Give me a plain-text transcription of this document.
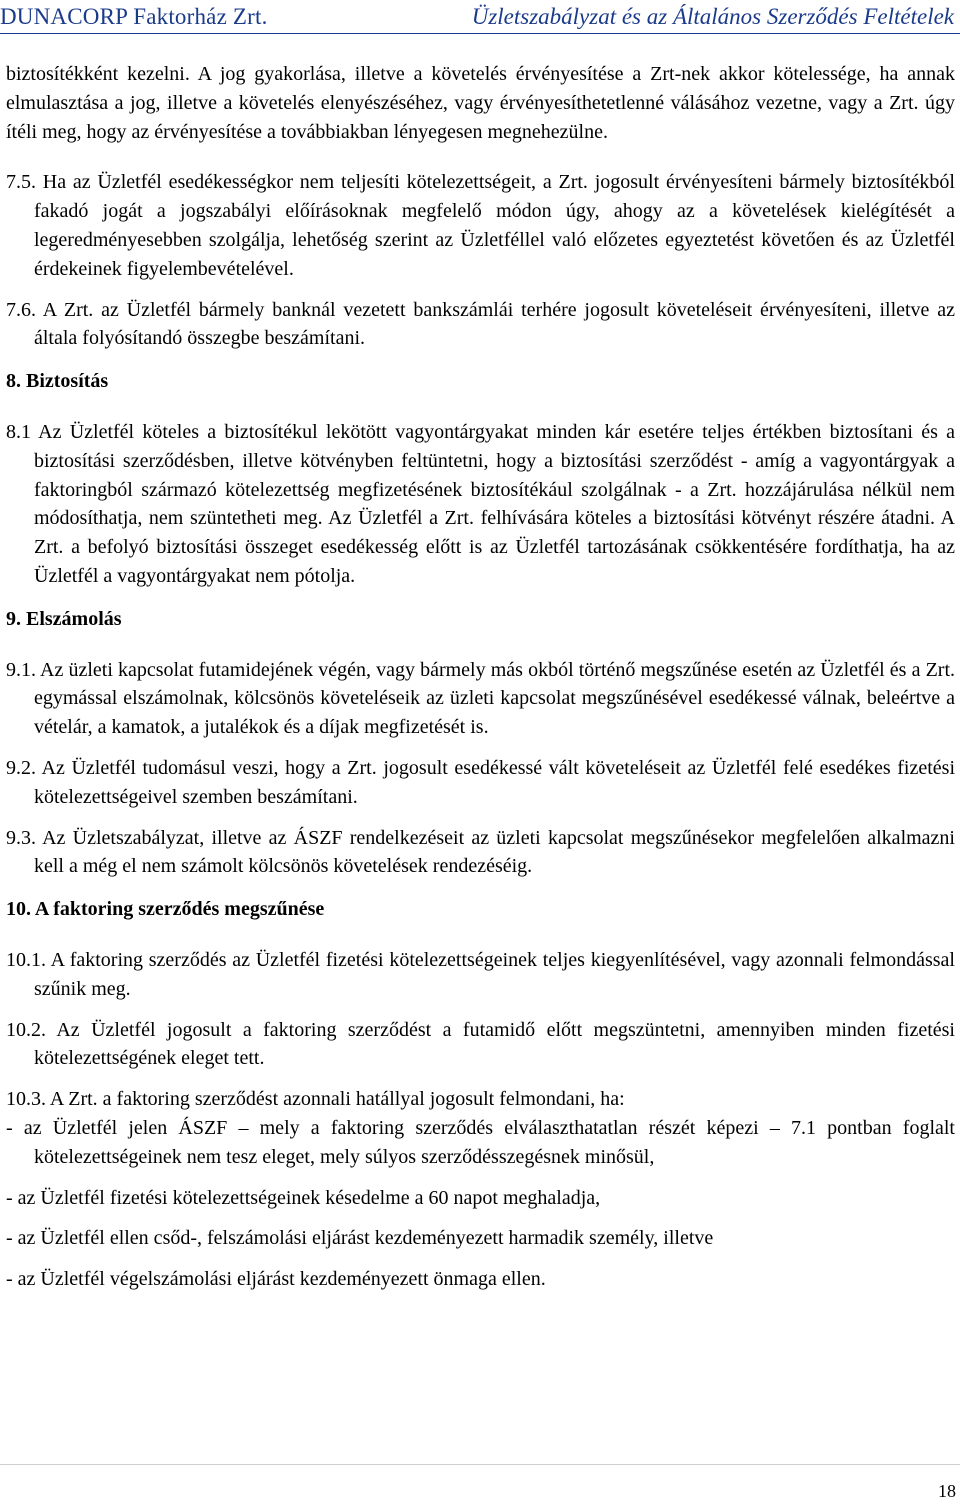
DUNACORP Faktorház Zrt.	Üzletszabályzat és az Általános Szerződés Feltételek

biztosítékként kezelni. A jog gyakorlása, illetve a követelés érvényesítése a Zrt-nek akkor kötelessége, ha annak elmulasztása a jog, illetve a követelés elenyészéséhez, vagy érvényesíthetetlenné válásához vezetne, vagy a Zrt. úgy ítéli meg, hogy az érvényesítése a továbbiakban lényegesen megnehezülne.

7.5. Ha az Üzletfél esedékességkor nem teljesíti kötelezettségeit, a Zrt. jogosult érvényesíteni bármely biztosítékból fakadó jogát a jogszabályi előírásoknak megfelelő módon úgy, ahogy az a követelések kielégítését a legeredményesebben szolgálja, lehetőség szerint az Üzletféllel való előzetes egyeztetést követően és az Üzletfél érdekeinek figyelembevételével.

7.6. A Zrt. az Üzletfél bármely banknál vezetett bankszámlái terhére jogosult követeléseit érvényesíteni, illetve az általa folyósítandó összegbe beszámítani.

8. Biztosítás

8.1 Az Üzletfél köteles a biztosítékul lekötött vagyontárgyakat minden kár esetére teljes értékben biztosítani és a biztosítási szerződésben, illetve kötvényben feltüntetni, hogy a biztosítási szerződést - amíg a vagyontárgyak a faktoringból származó kötelezettség megfizetésének biztosítékául szolgálnak - a Zrt. hozzájárulása nélkül nem módosíthatja, nem szüntetheti meg. Az Üzletfél a Zrt. felhívására köteles a biztosítási kötvényt részére átadni. A Zrt. a befolyó biztosítási összeget esedékesség előtt is az Üzletfél tartozásának csökkentésére fordíthatja, ha az Üzletfél a vagyontárgyakat nem pótolja.

9. Elszámolás

9.1. Az üzleti kapcsolat futamidejének végén, vagy bármely más okból történő megszűnése esetén az Üzletfél és a Zrt. egymással elszámolnak, kölcsönös követeléseik az üzleti kapcsolat megszűnésével esedékessé válnak, beleértve a vételár, a kamatok, a jutalékok és a díjak megfizetését is.

9.2. Az Üzletfél tudomásul veszi, hogy a Zrt. jogosult esedékessé vált követeléseit az Üzletfél felé esedékes fizetési kötelezettségeivel szemben beszámítani.

9.3. Az Üzletszabályzat, illetve az ÁSZF rendelkezéseit az üzleti kapcsolat megszűnésekor megfelelően alkalmazni kell a még el nem számolt kölcsönös követelések rendezéséig.

10. A faktoring szerződés megszűnése

10.1. A faktoring szerződés az Üzletfél fizetési kötelezettségeinek teljes kiegyenlítésével, vagy azonnali felmondással szűnik meg.

10.2. Az Üzletfél jogosult a faktoring szerződést a futamidő előtt megszüntetni, amennyiben minden fizetési kötelezettségének eleget tett.

10.3. A Zrt. a faktoring szerződést azonnali hatállyal jogosult felmondani, ha:

- az Üzletfél jelen ÁSZF – mely a faktoring szerződés elválaszthatatlan részét képezi – 7.1 pontban foglalt kötelezettségeinek nem tesz eleget, mely súlyos szerződésszegésnek minősül,

- az Üzletfél fizetési kötelezettségeinek késedelme a 60 napot meghaladja,

- az Üzletfél ellen csőd-, felszámolási eljárást kezdeményezett harmadik személy, illetve

- az Üzletfél végelszámolási eljárást kezdeményezett önmaga ellen.

18
